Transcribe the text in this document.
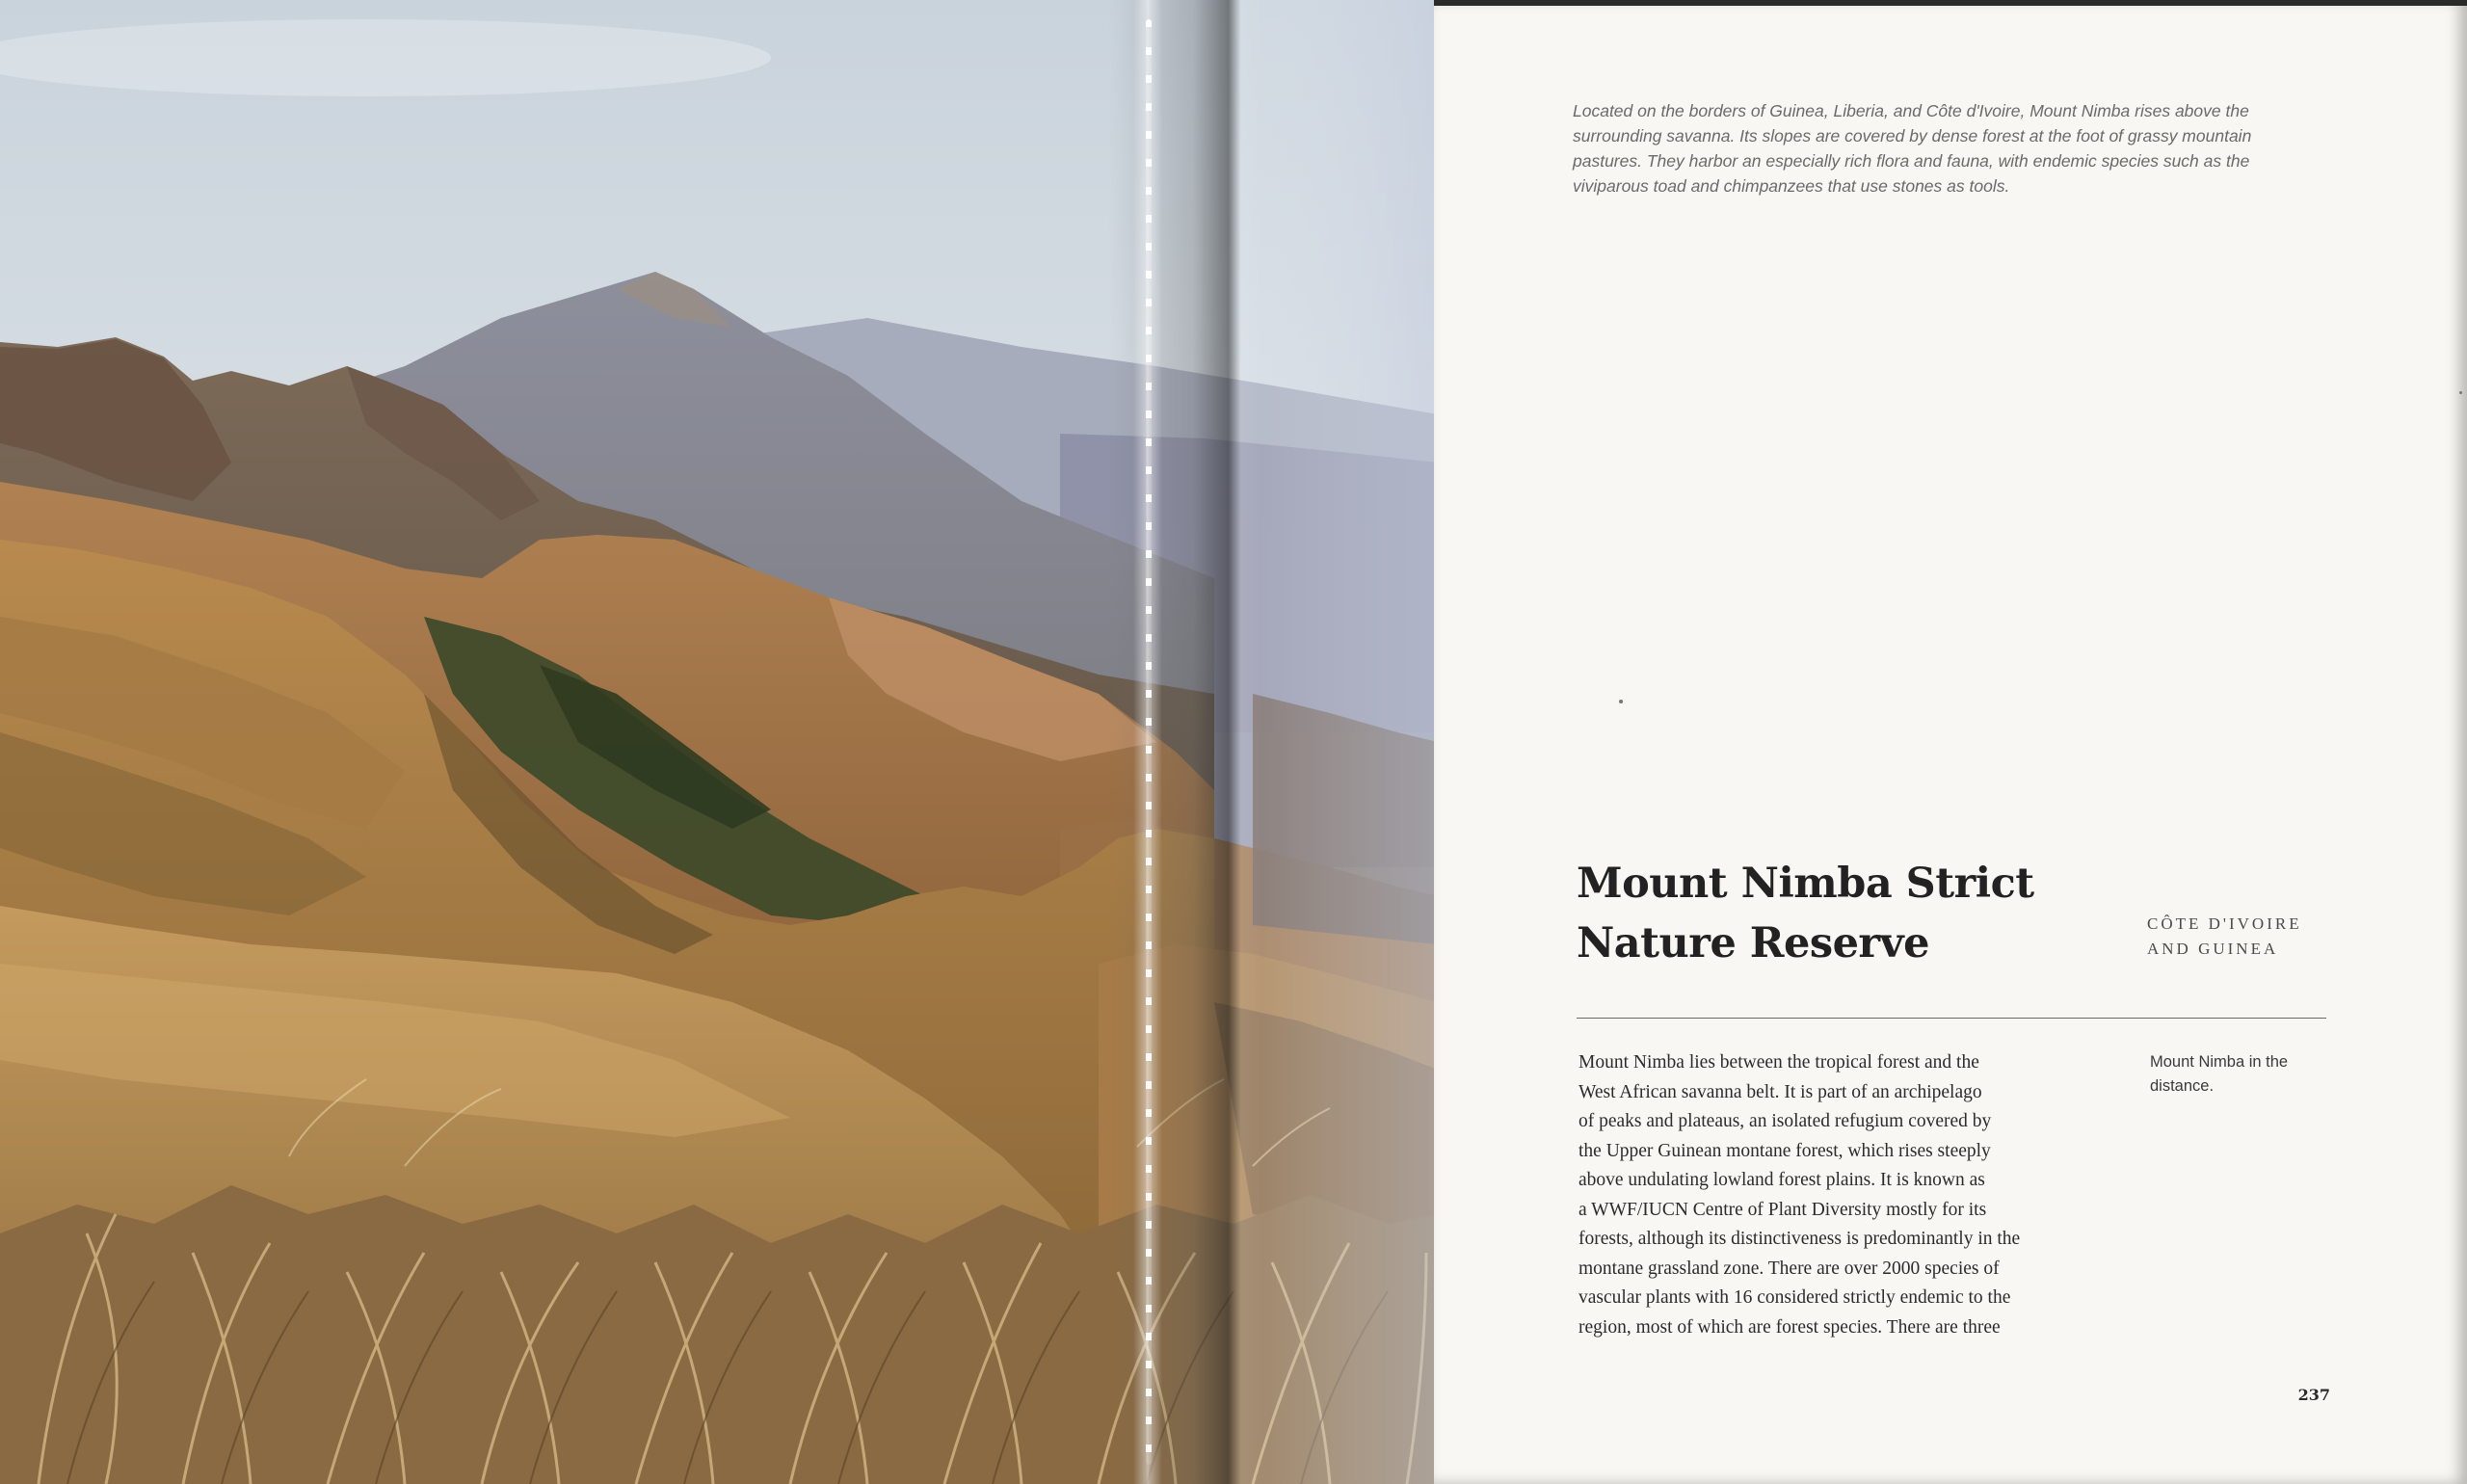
Located on the borders of Guinea, Liberia, and Côte d'Ivoire, Mount Nimba rises above the surrounding savanna. Its slopes are covered by dense forest at the foot of grassy mountain pastures. They harbor an especially rich flora and fauna, with endemic species such as the viviparous toad and chimpanzees that use stones as tools.

Mount Nimba Strict
Nature Reserve	CÔTE D'IVOIRE
AND GUINEA

Mount Nimba lies between the tropical forest and the
West African savanna belt. It is part of an archipelago
of peaks and plateaus, an isolated refugium covered by
the Upper Guinean montane forest, which rises steeply
above undulating lowland forest plains. It is known as
a WWF/IUCN Centre of Plant Diversity mostly for its
forests, although its distinctiveness is predominantly in the
montane grassland zone. There are over 2000 species of
vascular plants with 16 considered strictly endemic to the
region, most of which are forest species. There are three

Mount Nimba in the
distance.

237
